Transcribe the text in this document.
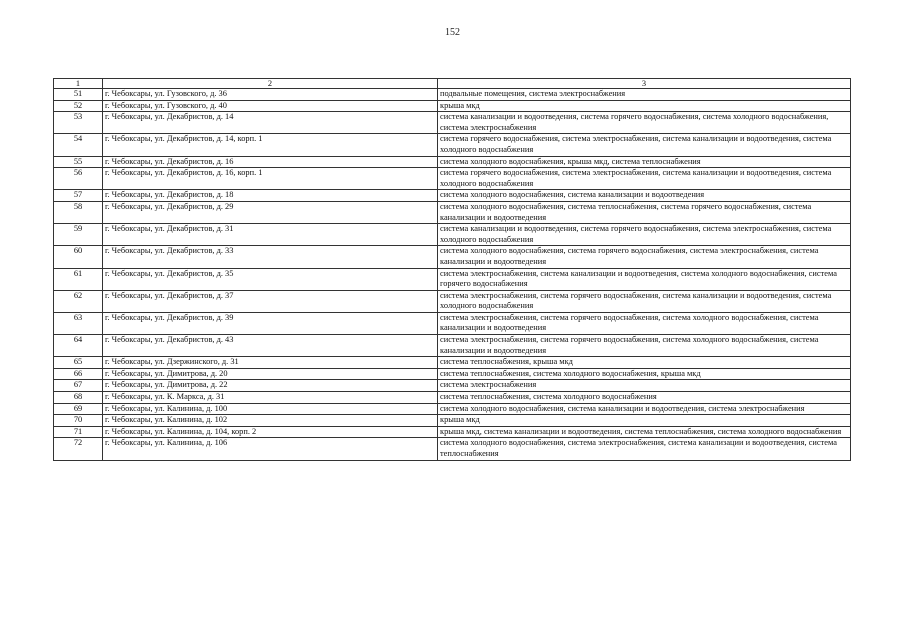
152
1	2	3
51	г. Чебоксары, ул. Гузовского, д. 36	подвальные помещения, система электроснабжения
52	г. Чебоксары, ул. Гузовского, д. 40	крыша мкд
53	г. Чебоксары, ул. Декабристов, д. 14	система канализации и водоотведения, система горячего водоснабжения, система холодного водоснабжения, система электроснабжения
54	г. Чебоксары, ул. Декабристов, д. 14, корп. 1	система горячего водоснабжения, система электроснабжения, система канализации и водоотведения, система холодного водоснабжения
55	г. Чебоксары, ул. Декабристов, д. 16	система холодного водоснабжения, крыша мкд, система теплоснабжения
56	г. Чебоксары, ул. Декабристов, д. 16, корп. 1	система горячего водоснабжения, система электроснабжения, система канализации и водоотведения, система холодного водоснабжения
57	г. Чебоксары, ул. Декабристов, д. 18	система холодного водоснабжения, система канализации и водоотведения
58	г. Чебоксары, ул. Декабристов, д. 29	система холодного водоснабжения, система теплоснабжения, система горячего водоснабжения, система канализации и водоотведения
59	г. Чебоксары, ул. Декабристов, д. 31	система канализации и водоотведения, система горячего водоснабжения, система электроснабжения, система холодного водоснабжения
60	г. Чебоксары, ул. Декабристов, д. 33	система холодного водоснабжения, система горячего водоснабжения, система электроснабжения, система канализации и водоотведения
61	г. Чебоксары, ул. Декабристов, д. 35	система электроснабжения, система канализации и водоотведения, система холодного водоснабжения, система горячего водоснабжения
62	г. Чебоксары, ул. Декабристов, д. 37	система электроснабжения, система горячего водоснабжения, система канализации и водоотведения, система холодного водоснабжения
63	г. Чебоксары, ул. Декабристов, д. 39	система электроснабжения, система горячего водоснабжения, система холодного водоснабжения, система канализации и водоотведения
64	г. Чебоксары, ул. Декабристов, д. 43	система электроснабжения, система горячего водоснабжения, система холодного водоснабжения, система канализации и водоотведения
65	г. Чебоксары, ул. Дзержинского, д. 31	система теплоснабжения, крыша мкд
66	г. Чебоксары, ул. Димитрова, д. 20	система теплоснабжения, система холодного водоснабжения, крыша мкд
67	г. Чебоксары, ул. Димитрова, д. 22	система электроснабжения
68	г. Чебоксары, ул. К. Маркса, д. 31	система теплоснабжения, система холодного водоснабжения
69	г. Чебоксары, ул. Калинина, д. 100	система холодного водоснабжения, система канализации и водоотведения, система электроснабжения
70	г. Чебоксары, ул. Калинина, д. 102	крыша мкд
71	г. Чебоксары, ул. Калинина, д. 104, корп. 2	крыша мкд, система канализации и водоотведения, система теплоснабжения, система холодного водоснабжения
72	г. Чебоксары, ул. Калинина, д. 106	система холодного водоснабжения, система электроснабжения, система канализации и водоотведения, система теплоснабжения
